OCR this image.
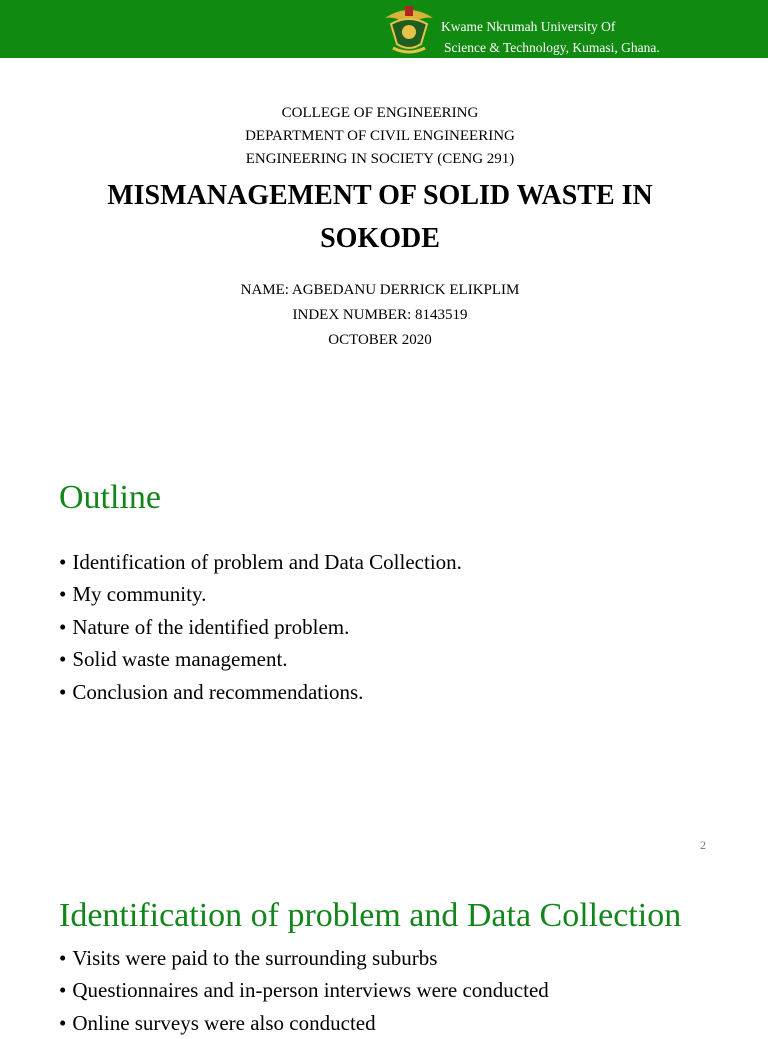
Kwame Nkrumah University Of
Science & Technology, Kumasi, Ghana.
COLLEGE OF ENGINEERING
DEPARTMENT OF CIVIL ENGINEERING
ENGINEERING IN SOCIETY (CENG 291)
MISMANAGEMENT OF SOLID WASTE IN
SOKODE
NAME: AGBEDANU DERRICK ELIKPLIM
INDEX NUMBER: 8143519
OCTOBER 2020
Outline
• Identification of problem and Data Collection.
• My community.
• Nature of the identified problem.
• Solid waste management.
• Conclusion and recommendations.
2
Identification of problem and Data Collection
• Visits were paid to the surrounding suburbs
• Questionnaires and in-person interviews were conducted
• Online surveys were also conducted
